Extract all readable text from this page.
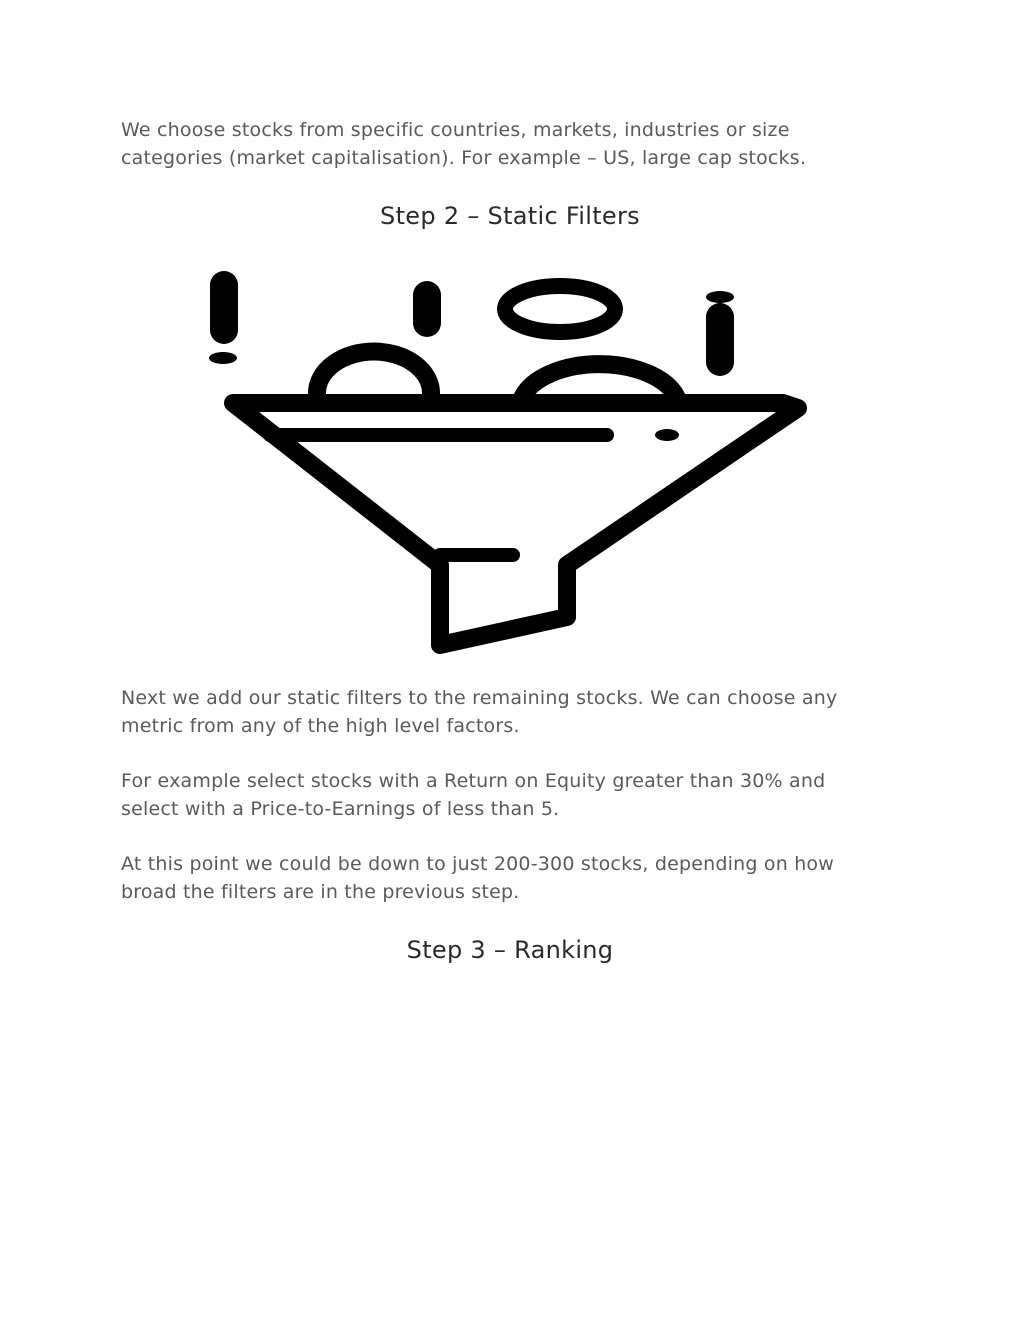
We choose stocks from specific countries, markets, industries or size categories (market capitalisation). For example – US, large cap stocks.

Step 2 – Static Filters

Next we add our static filters to the remaining stocks. We can choose any metric from any of the high level factors.

For example select stocks with a Return on Equity greater than 30% and select with a Price-to-Earnings of less than 5.

At this point we could be down to just 200-300 stocks, depending on how broad the filters are in the previous step.

Step 3 – Ranking
